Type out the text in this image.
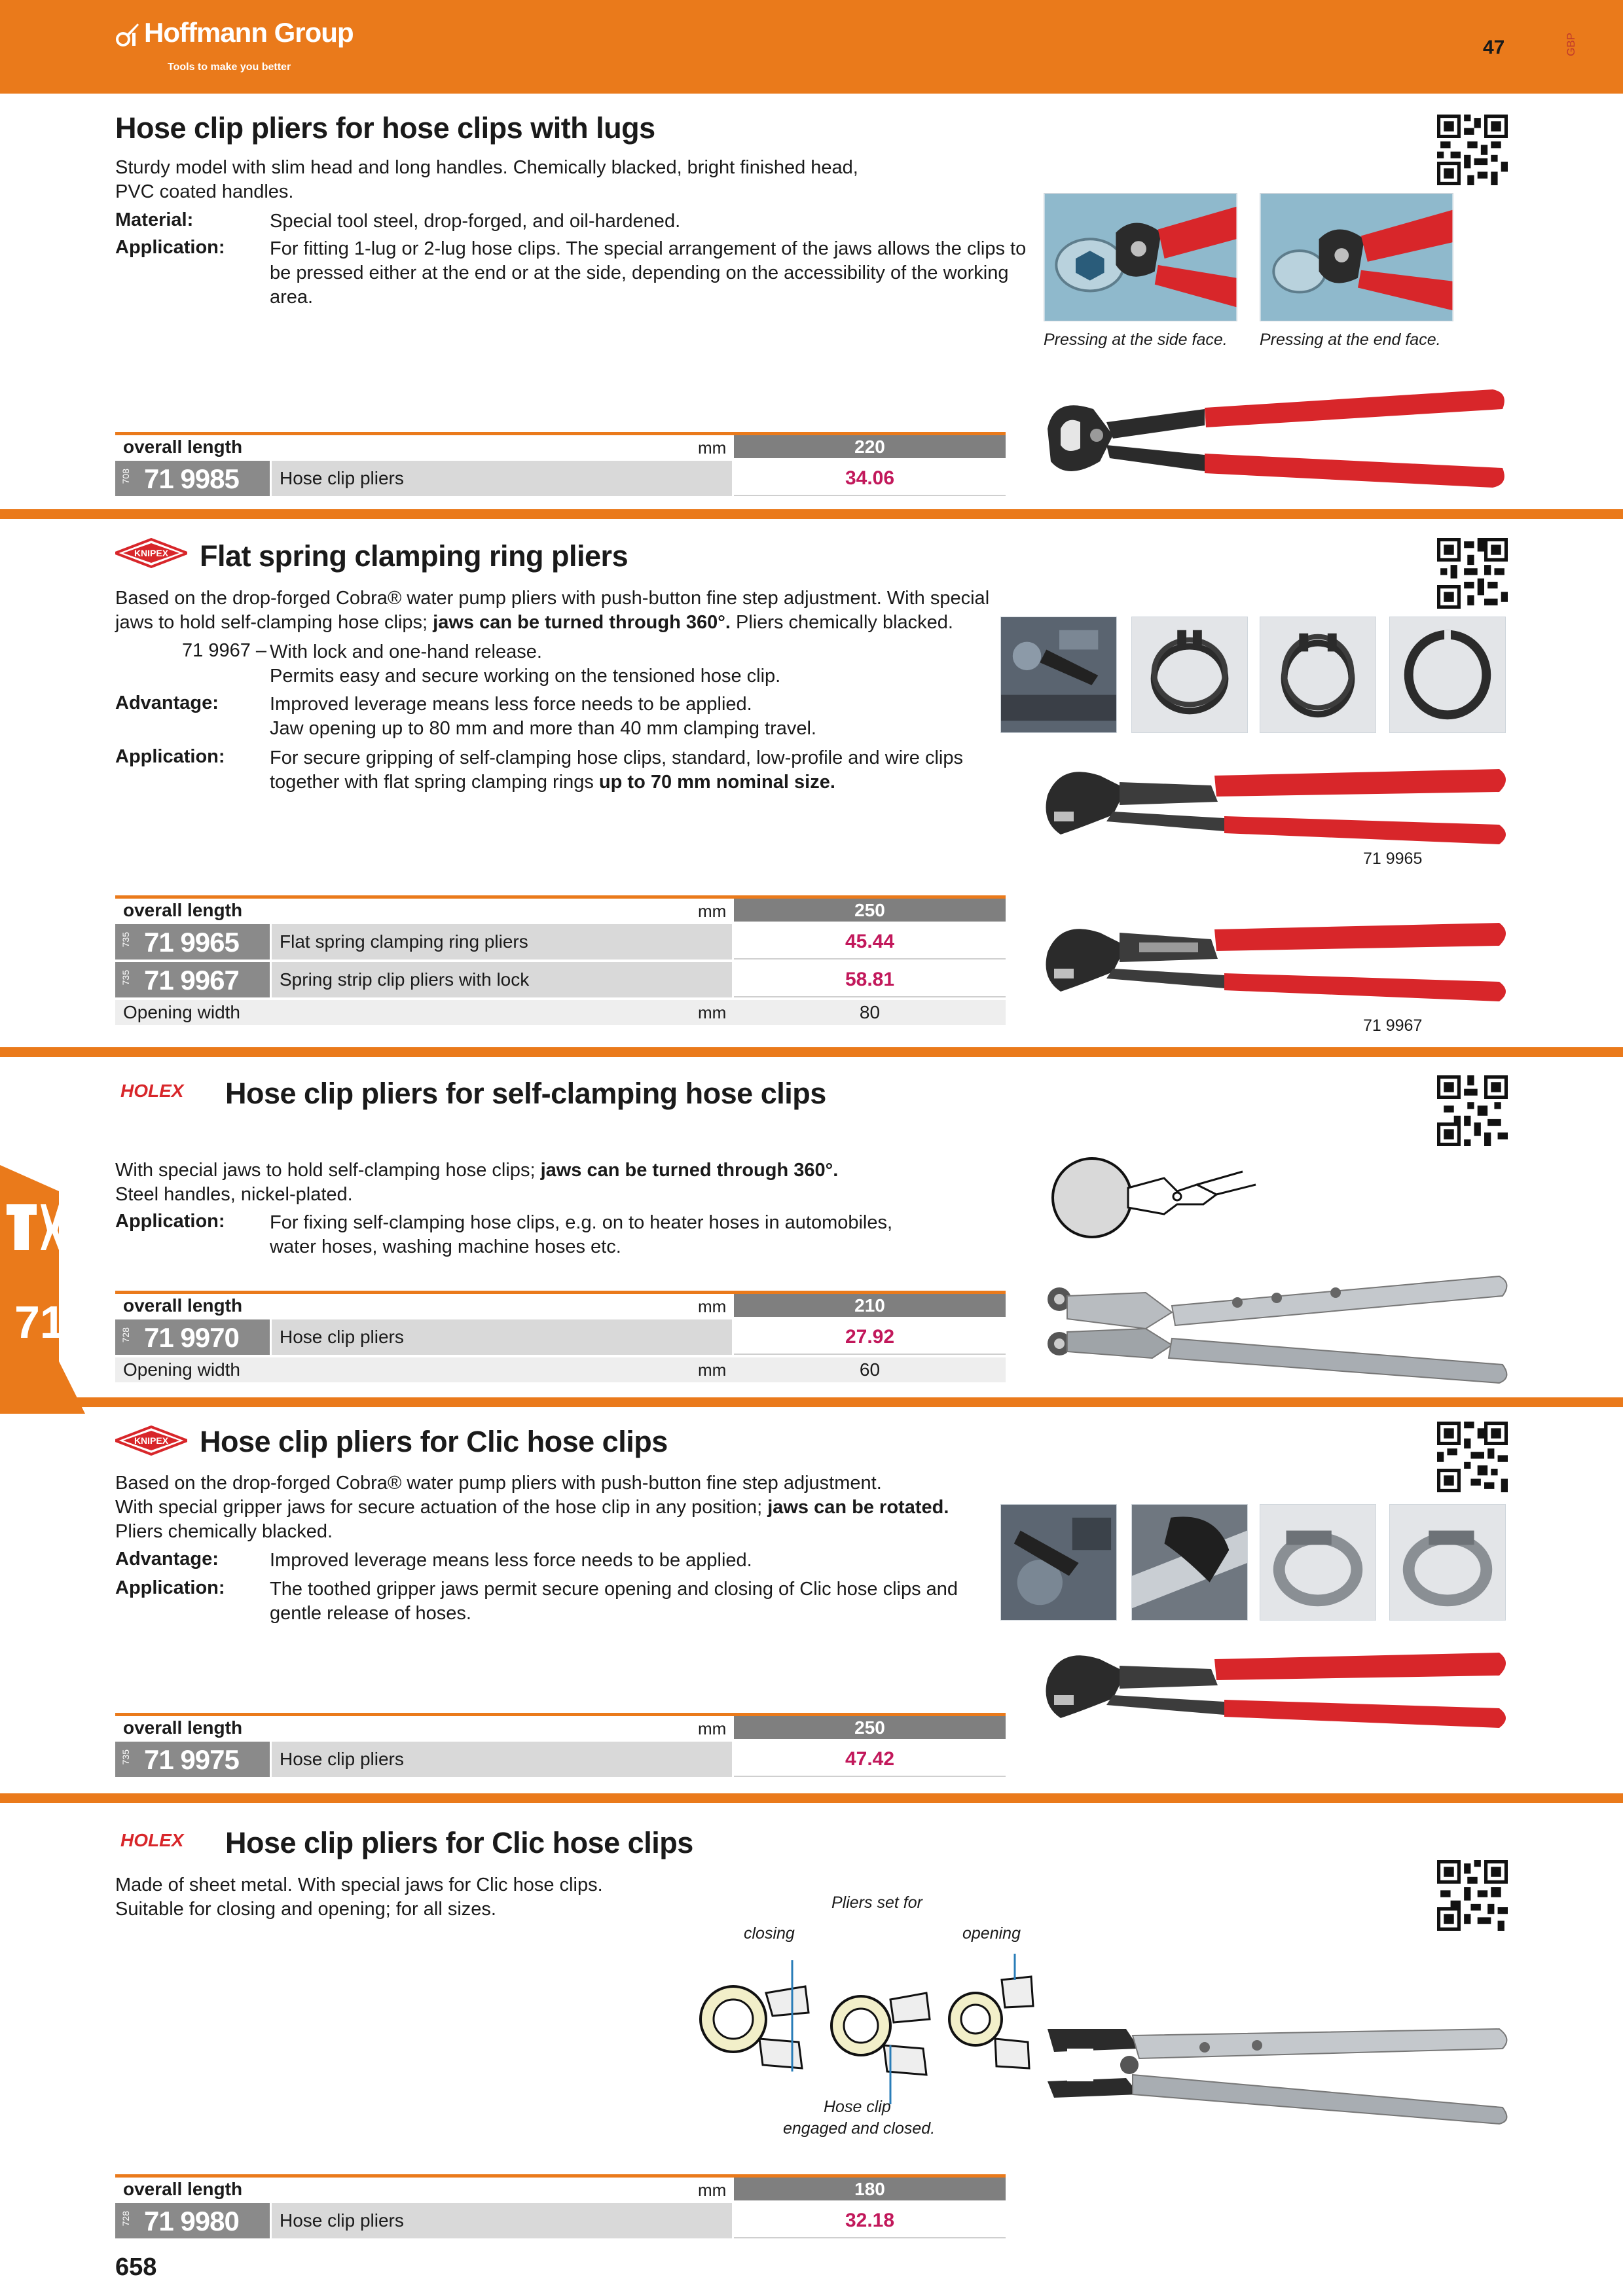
Hoffmann Group
Tools to make you better
47	GBP
71
Hose clip pliers for hose clips with lugs
Sturdy model with slim head and long handles. Chemically blacked, bright finished head,
PVC coated handles.
Material:	Special tool steel, drop-forged, and oil-hardened.
Application: For fitting 1-lug or 2-lug hose clips. The special arrangement of the jaws allows the clips to
be pressed either at the end or at the side, depending on the accessibility of the working
area.
Pressing at the side face. Pressing at the end face.
overall length	mm	220
708 71 9985	Hose clip pliers	34.06
KNIPEX Flat spring clamping ring pliers
Based on the drop-forged Cobra® water pump pliers with push-button fine step adjustment. With special
jaws to hold self-clamping hose clips; jaws can be turned through 360°. Pliers chemically blacked.
71 9967 – With lock and one-hand release.
Permits easy and secure working on the tensioned hose clip.
Advantage:	Improved leverage means less force needs to be applied.
Jaw opening up to 80 mm and more than 40 mm clamping travel.
Application: For secure gripping of self-clamping hose clips, standard, low-profile and wire clips
together with flat spring clamping rings up to 70 mm nominal size.
71 9965
71 9967
overall length	mm	250
735 71 9965	Flat spring clamping ring pliers	45.44
735 71 9967	Spring strip clip pliers with lock	58.81
Opening width	mm	80
HOLEX Hose clip pliers for self-clamping hose clips
With special jaws to hold self-clamping hose clips; jaws can be turned through 360°.
Steel handles, nickel-plated.
Application: For fixing self-clamping hose clips, e.g. on to heater hoses in automobiles,
water hoses, washing machine hoses etc.
overall length	mm	210
728 71 9970	Hose clip pliers	27.92
Opening width	mm	60
KNIPEX Hose clip pliers for Clic hose clips
Based on the drop-forged Cobra® water pump pliers with push-button fine step adjustment.
With special gripper jaws for secure actuation of the hose clip in any position; jaws can be rotated.
Pliers chemically blacked.
Advantage:	Improved leverage means less force needs to be applied.
Application: The toothed gripper jaws permit secure opening and closing of Clic hose clips and
gentle release of hoses.
overall length	mm	250
735 71 9975	Hose clip pliers	47.42
HOLEX Hose clip pliers for Clic hose clips
Made of sheet metal. With special jaws for Clic hose clips.
Suitable for closing and opening; for all sizes.	Pliers set for
closing	opening
Hose clip
engaged and closed.
overall length	mm	180
728 71 9980	Hose clip pliers	32.18
658
